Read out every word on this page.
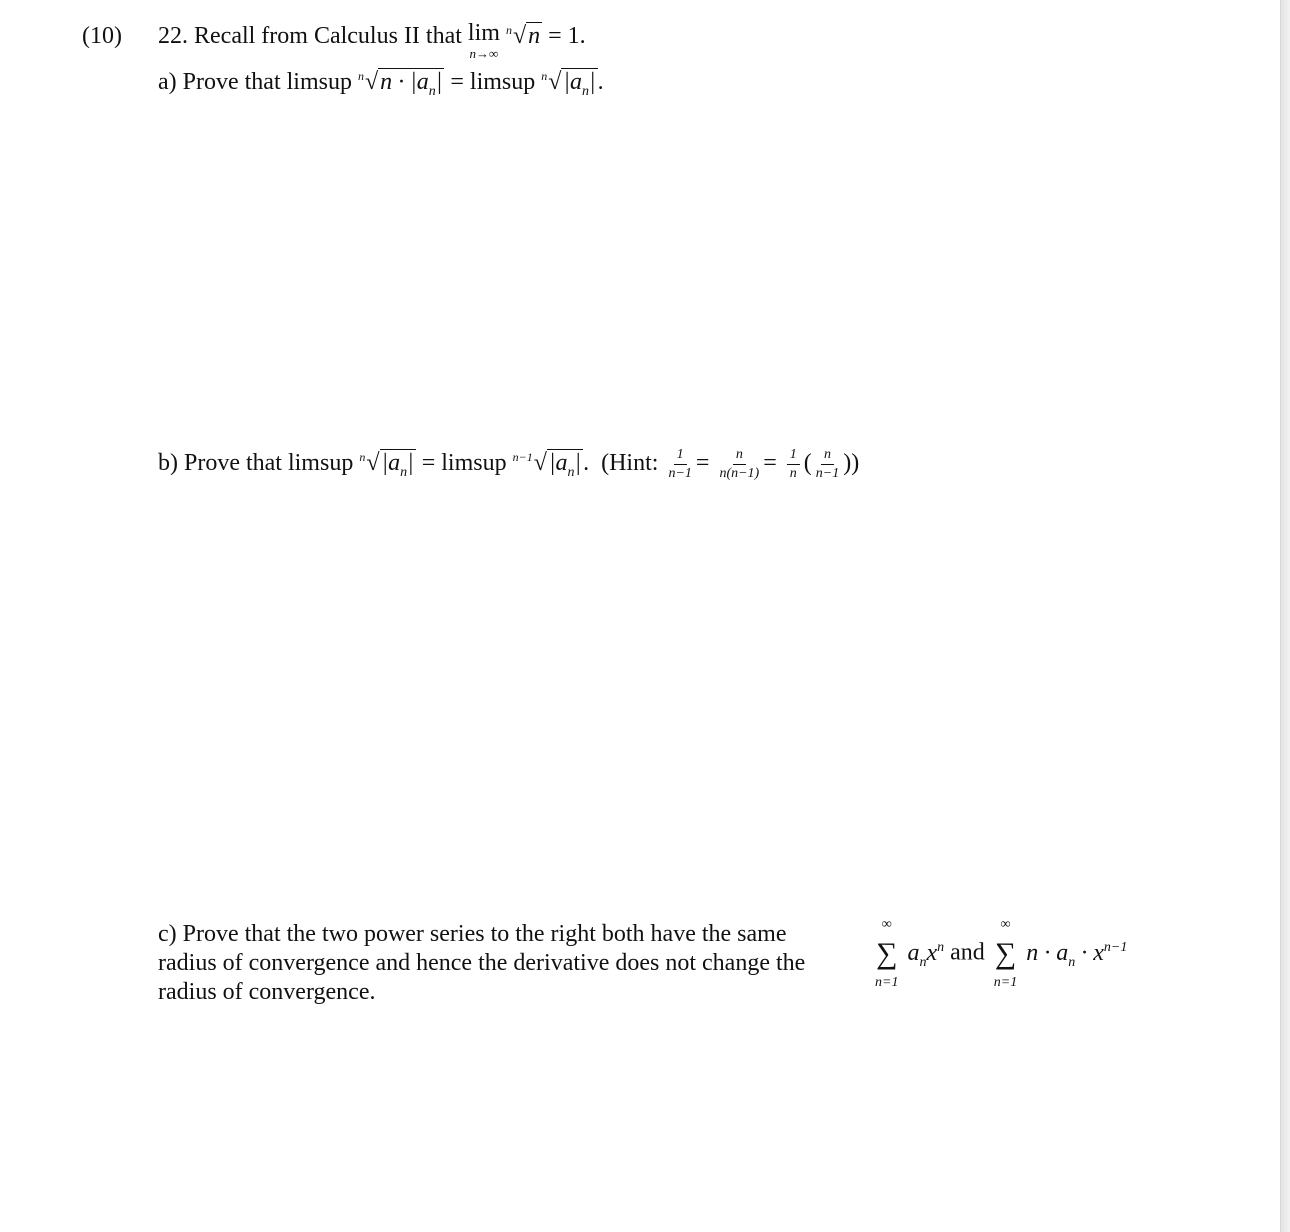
(10) 22. Recall from Calculus II that lim
n→∞
$^n$√n = 1.
a) Prove that limsup $^n√n \cdot |a_n|$ = limsup $^n√|a_n|$.
b) Prove that limsup $^n√|a_n|$ = limsup $^{n-1}√|a_n|$. (Hint: $\frac{1}{n-1} = \frac{n}{n(n-1)} = \frac{1}{n}$ ( $\frac{n}{n-1}$ ))
c) Prove that the two power series to the right both have the same radius of convergence and hence the derivative does not change the radius of convergence.
∞
∑
n=1
$a_nx^n$ and
∞
∑
n=1
$n \cdot a_n \cdot x^{n-1}$
